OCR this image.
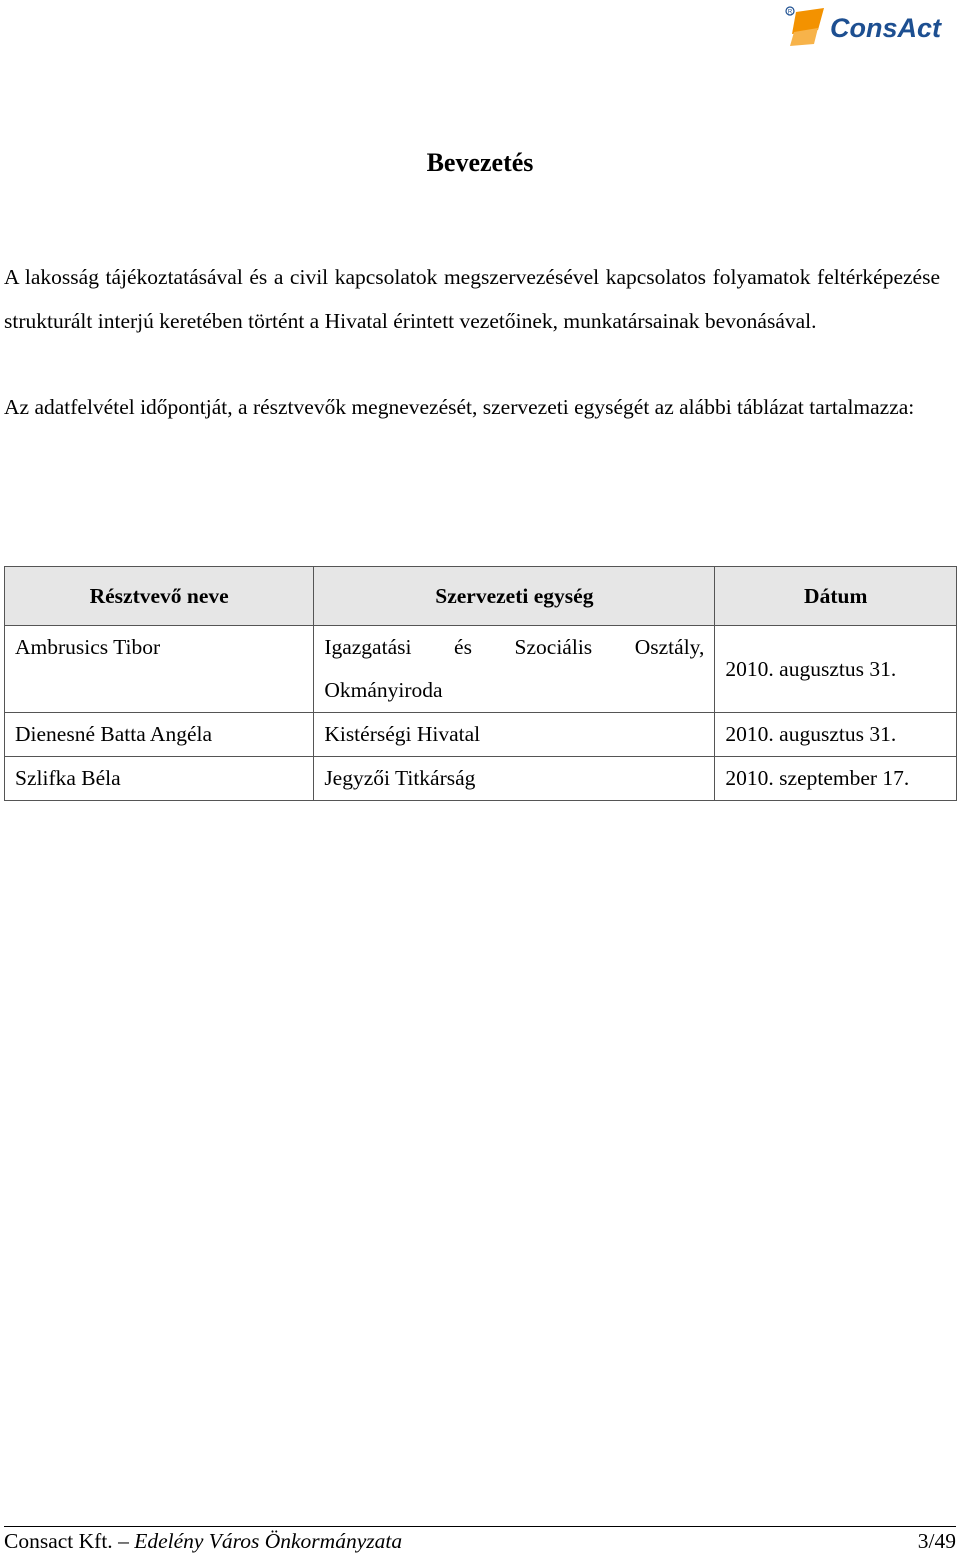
R
ConsAct
Bevezetés

A lakosság tájékoztatásával és a civil kapcsolatok megszervezésével kapcsolatos folyamatok feltérképezése strukturált interjú keretében történt a Hivatal érintett vezetőinek, munkatársainak bevonásával.

Az adatfelvétel időpontját, a résztvevők megnevezését, szervezeti egységét az alábbi táblázat tartalmazza:

Résztvevő neve	Szervezeti egység	Dátum
Ambrusics Tibor	Igazgatási és Szociális Osztály, Okmányiroda	2010. augusztus 31.
Dienesné Batta Angéla	Kistérségi Hivatal	2010. augusztus 31.
Szlifka Béla	Jegyzői Titkárság	2010. szeptember 17.
Consact Kft. – Edelény Város Önkormányzata	3/49
